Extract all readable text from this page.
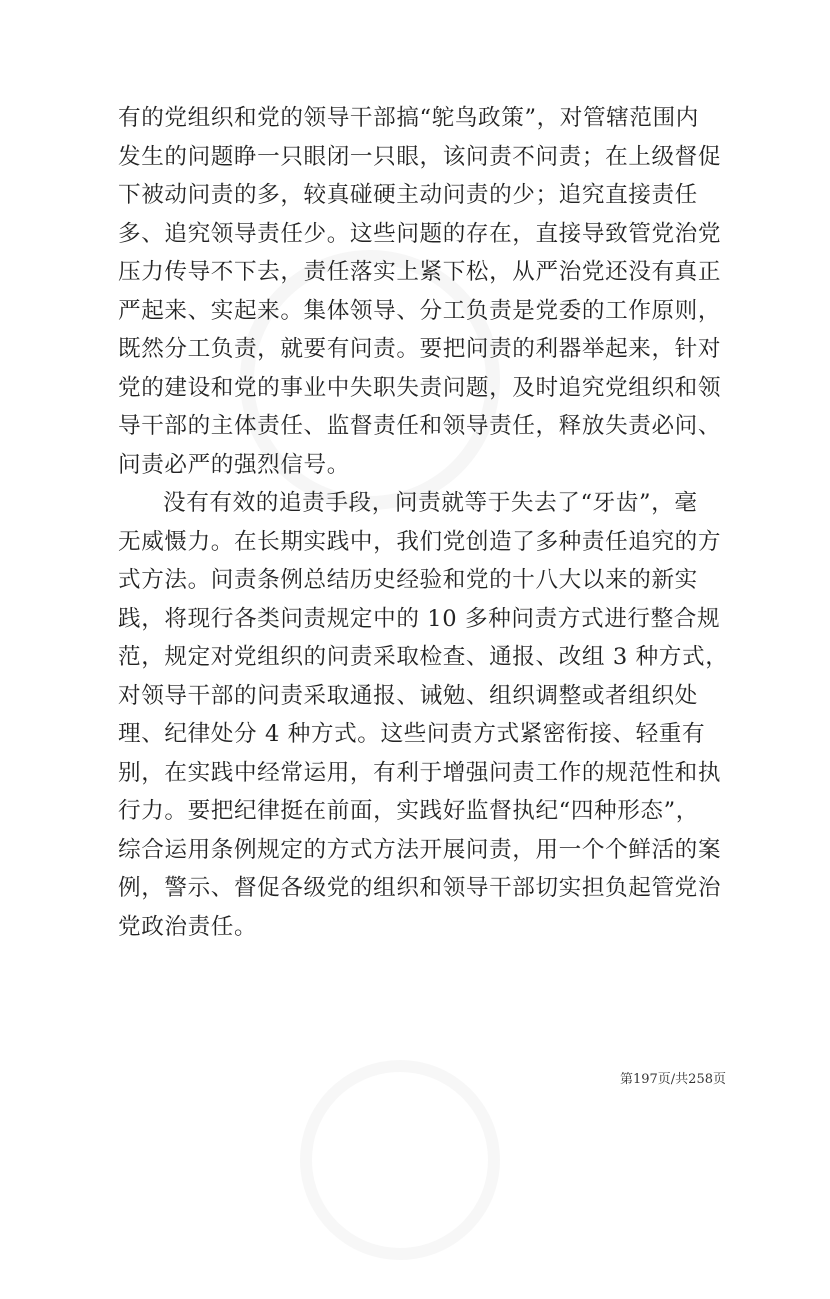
有的党组织和党的领导干部搞“鸵鸟政策”，对管辖范围内
发生的问题睁一只眼闭一只眼，该问责不问责；在上级督促
下被动问责的多，较真碰硬主动问责的少；追究直接责任
多、追究领导责任少。这些问题的存在，直接导致管党治党
压力传导不下去，责任落实上紧下松，从严治党还没有真正
严起来、实起来。集体领导、分工负责是党委的工作原则，
既然分工负责，就要有问责。要把问责的利器举起来，针对
党的建设和党的事业中失职失责问题，及时追究党组织和领
导干部的主体责任、监督责任和领导责任，释放失责必问、
问责必严的强烈信号。
没有有效的追责手段，问责就等于失去了“牙齿”，毫
无威慑力。在长期实践中，我们党创造了多种责任追究的方
式方法。问责条例总结历史经验和党的十八大以来的新实
践，将现行各类问责规定中的 10 多种问责方式进行整合规
范，规定对党组织的问责采取检查、通报、改组 3 种方式，
对领导干部的问责采取通报、诫勉、组织调整或者组织处
理、纪律处分 4 种方式。这些问责方式紧密衔接、轻重有
别，在实践中经常运用，有利于增强问责工作的规范性和执
行力。要把纪律挺在前面，实践好监督执纪“四种形态”，
综合运用条例规定的方式方法开展问责，用一个个鲜活的案
例，警示、督促各级党的组织和领导干部切实担负起管党治
党政治责任。
第197页/共258页
